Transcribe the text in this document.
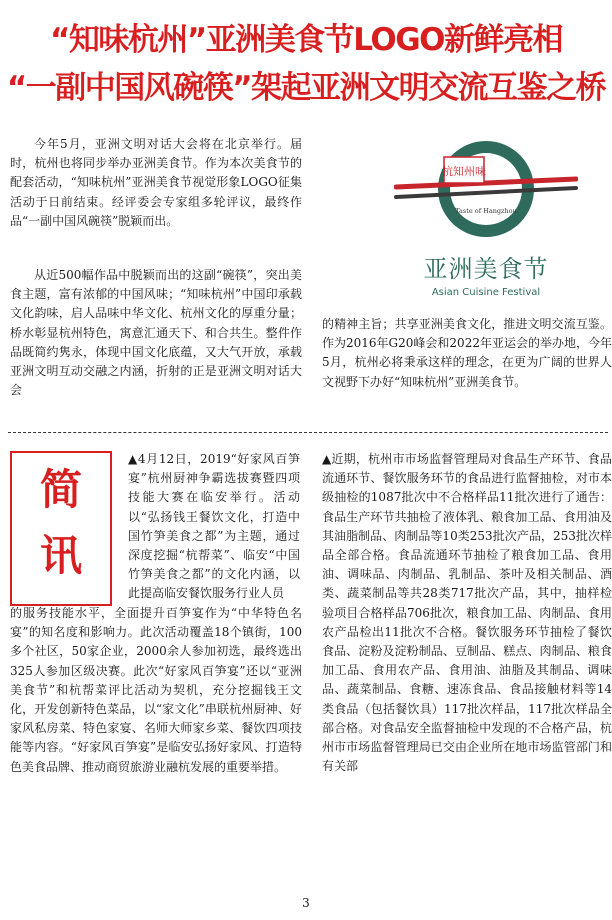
“知味杭州”亚洲美食节LOGO新鲜亮相
“一副中国风碗筷”架起亚洲文明交流互鉴之桥

今年5月，亚洲文明对话大会将在北京举行。届时，杭州也将同步举办亚洲美食节。作为本次美食节的配套活动，“知味杭州”亚洲美食节视觉形象LOGO征集活动于日前结束。经评委会专家组多轮评议，最终作品“一副中国风碗筷”脱颖而出。

从近500幅作品中脱颖而出的这副“碗筷”，突出美食主题，富有浓郁的中国风味；“知味杭州”中国印承载文化韵味，启人品味中华文化、杭州文化的厚重分量；桥水彰显杭州特色，寓意汇通天下、和合共生。整件作品既简约隽永，体现中国文化底蕴，又大气开放，承载亚洲文明互动交融之内涵，折射的正是亚洲文明对话大会

的精神主旨；共享亚洲美食文化，推进文明交流互鉴。作为2016年G20峰会和2022年亚运会的举办地，今年5月，杭州必将秉承这样的理念，在更为广阔的世界人文视野下办好“知味杭州”亚洲美食节。

杭知州味
Taste of Hangzhou
亚洲美食节
Asian Cuisine Festival
简
讯

▲4月12日，2019“好家风百笋宴”杭州厨神争霸选拔赛暨四项技能大赛在临安举行。活动以“弘扬钱王餐饮文化，打造中国竹笋美食之都”为主题，通过深度挖掘“杭帮菜”、临安“中国竹笋美食之都”的文化内涵，以此提高临安餐饮服务行业人员

的服务技能水平，全面提升百笋宴作为“中华特色名宴”的知名度和影响力。此次活动覆盖18个镇街，100多个社区，50家企业，2000余人参加初选，最终选出325人参加区级决赛。此次“好家风百笋宴”还以“亚洲美食节”和杭帮菜评比活动为契机，充分挖掘钱王文化，开发创新特色菜品，以“家文化”串联杭州厨神、好家风私房菜、特色家宴、名师大师家乡菜、餐饮四项技能等内容。“好家风百笋宴”是临安弘扬好家风、打造特色美食品牌、推动商贸旅游业融杭发展的重要举措。

▲近期，杭州市市场监督管理局对食品生产环节、食品流通环节、餐饮服务环节的食品进行监督抽检，对市本级抽检的1087批次中不合格样品11批次进行了通告：食品生产环节共抽检了液体乳、粮食加工品、食用油及其油脂制品、肉制品等10类253批次产品，253批次样品全部合格。食品流通环节抽检了粮食加工品、食用油、调味品、肉制品、乳制品、茶叶及相关制品、酒类、蔬菜制品等共28类717批次产品，其中，抽样检验项目合格样品706批次，粮食加工品、肉制品、食用农产品检出11批次不合格。餐饮服务环节抽检了餐饮食品、淀粉及淀粉制品、豆制品、糕点、肉制品、粮食加工品、食用农产品、食用油、油脂及其制品、调味品、蔬菜制品、食糖、速冻食品、食品接触材料等14类食品（包括餐饮具）117批次样品，117批次样品全部合格。对食品安全监督抽检中发现的不合格产品，杭州市市场监督管理局已交由企业所在地市场监管部门和有关部

3
